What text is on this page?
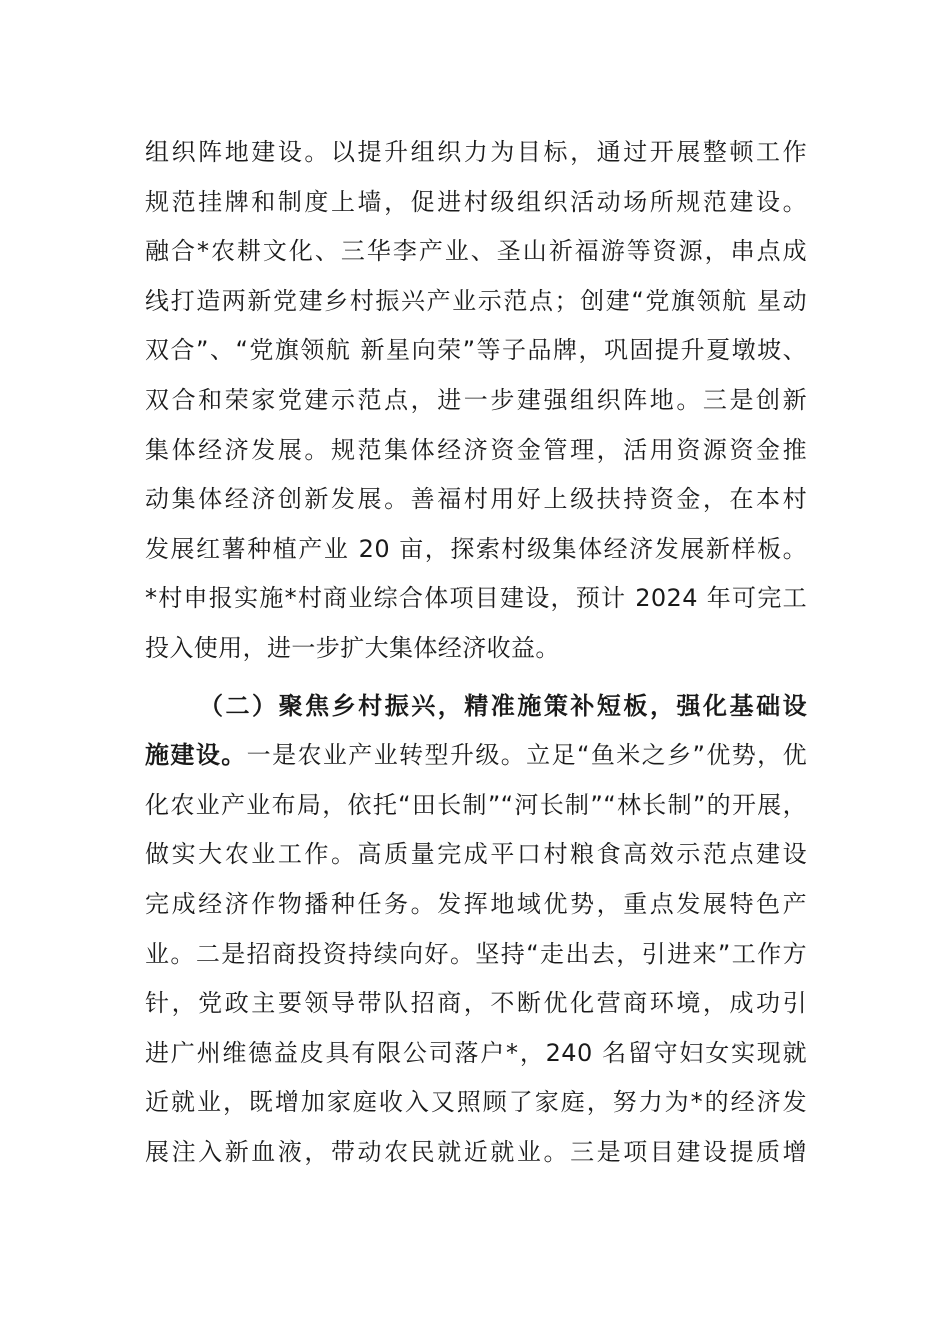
组织阵地建设。以提升组织力为目标，通过开展整顿工作
规范挂牌和制度上墙，促进村级组织活动场所规范建设。
融合*农耕文化、三华李产业、圣山祈福游等资源，串点成
线打造两新党建乡村振兴产业示范点；创建“党旗领航 星动
双合”、“党旗领航 新星向荣”等子品牌，巩固提升夏墩坡、
双合和荣家党建示范点，进一步建强组织阵地。三是创新
集体经济发展。规范集体经济资金管理，活用资源资金推
动集体经济创新发展。善福村用好上级扶持资金，在本村
发展红薯种植产业 20 亩，探索村级集体经济发展新样板。
*村申报实施*村商业综合体项目建设，预计 2024 年可完工
投入使用，进一步扩大集体经济收益。

（二）聚焦乡村振兴，精准施策补短板，强化基础设
施建设。一是农业产业转型升级。立足“鱼米之乡”优势，优
化农业产业布局，依托“田长制”“河长制”“林长制”的开展，
做实大农业工作。高质量完成平口村粮食高效示范点建设
完成经济作物播种任务。发挥地域优势，重点发展特色产
业。二是招商投资持续向好。坚持“走出去，引进来”工作方
针，党政主要领导带队招商，不断优化营商环境，成功引
进广州维德益皮具有限公司落户*，240 名留守妇女实现就
近就业，既增加家庭收入又照顾了家庭，努力为*的经济发
展注入新血液，带动农民就近就业。三是项目建设提质增
